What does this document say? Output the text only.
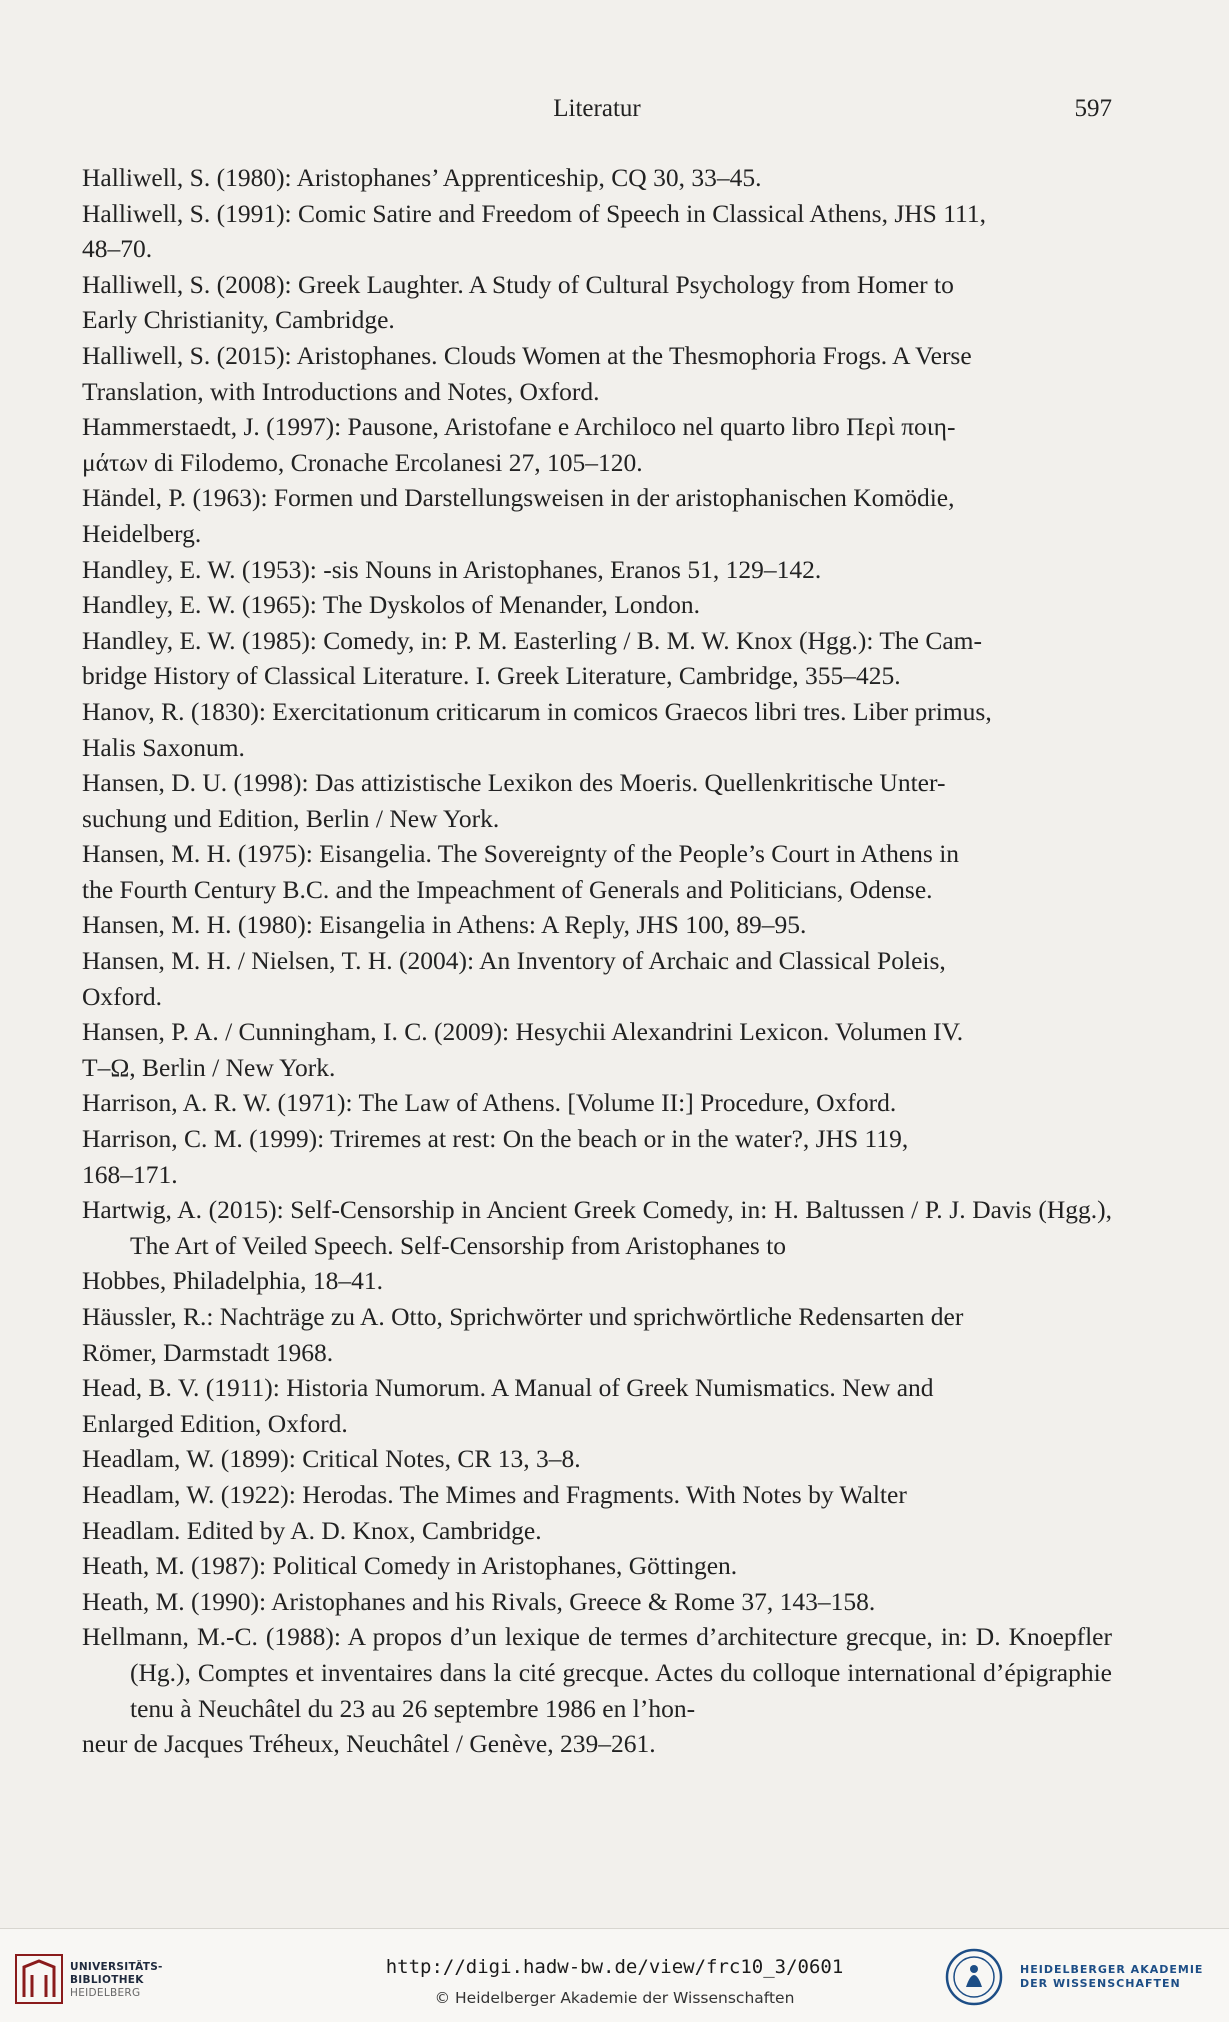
Literatur	597
Halliwell, S. (1980): Aristophanes’ Apprenticeship, CQ 30, 33–45.
Halliwell, S. (1991): Comic Satire and Freedom of Speech in Classical Athens, JHS 111,
48–70.
Halliwell, S. (2008): Greek Laughter. A Study of Cultural Psychology from Homer to
Early Christianity, Cambridge.
Halliwell, S. (2015): Aristophanes. Clouds Women at the Thesmophoria Frogs. A Verse
Translation, with Introductions and Notes, Oxford.
Hammerstaedt, J. (1997): Pausone, Aristofane e Archiloco nel quarto libro Περὶ ποιη-
μάτων di Filodemo, Cronache Ercolanesi 27, 105–120.
Händel, P. (1963): Formen und Darstellungsweisen in der aristophanischen Komödie,
Heidelberg.
Handley, E. W. (1953): -sis Nouns in Aristophanes, Eranos 51, 129–142.
Handley, E. W. (1965): The Dyskolos of Menander, London.
Handley, E. W. (1985): Comedy, in: P. M. Easterling / B. M. W. Knox (Hgg.): The Cam-
bridge History of Classical Literature. I. Greek Literature, Cambridge, 355–425.
Hanov, R. (1830): Exercitationum criticarum in comicos Graecos libri tres. Liber primus,
Halis Saxonum.
Hansen, D. U. (1998): Das attizistische Lexikon des Moeris. Quellenkritische Unter-
suchung und Edition, Berlin / New York.
Hansen, M. H. (1975): Eisangelia. The Sovereignty of the People’s Court in Athens in
the Fourth Century B.C. and the Impeachment of Generals and Politicians, Odense.
Hansen, M. H. (1980): Eisangelia in Athens: A Reply, JHS 100, 89–95.
Hansen, M. H. / Nielsen, T. H. (2004): An Inventory of Archaic and Classical Poleis,
Oxford.
Hansen, P. A. / Cunningham, I. C. (2009): Hesychii Alexandrini Lexicon. Volumen IV.
T–Ω, Berlin / New York.
Harrison, A. R. W. (1971): The Law of Athens. [Volume II:] Procedure, Oxford.
Harrison, C. M. (1999): Triremes at rest: On the beach or in the water?, JHS 119,
168–171.
Hartwig, A. (2015): Self-Censorship in Ancient Greek Comedy, in: H. Baltussen / P. J. Davis (Hgg.), The Art of Veiled Speech. Self-Censorship from Aristophanes to
Hobbes, Philadelphia, 18–41.
Häussler, R.: Nachträge zu A. Otto, Sprichwörter und sprichwörtliche Redensarten der
Römer, Darmstadt 1968.
Head, B. V. (1911): Historia Numorum. A Manual of Greek Numismatics. New and
Enlarged Edition, Oxford.
Headlam, W. (1899): Critical Notes, CR 13, 3–8.
Headlam, W. (1922): Herodas. The Mimes and Fragments. With Notes by Walter
Headlam. Edited by A. D. Knox, Cambridge.
Heath, M. (1987): Political Comedy in Aristophanes, Göttingen.
Heath, M. (1990): Aristophanes and his Rivals, Greece & Rome 37, 143–158.
Hellmann, M.-C. (1988): A propos d’un lexique de termes d’architecture grecque, in: D. Knoepfler (Hg.), Comptes et inventaires dans la cité grecque. Actes du colloque international d’épigraphie tenu à Neuchâtel du 23 au 26 septembre 1986 en l’hon-
neur de Jacques Tréheux, Neuchâtel / Genève, 239–261.
UNIVERSITÄTS-
BIBLIOTHEK
HEIDELBERG
http://digi.hadw-bw.de/view/frc10_3/0601
© Heidelberger Akademie der Wissenschaften
HEIDELBERGER AKADEMIE
DER WISSENSCHAFTEN
